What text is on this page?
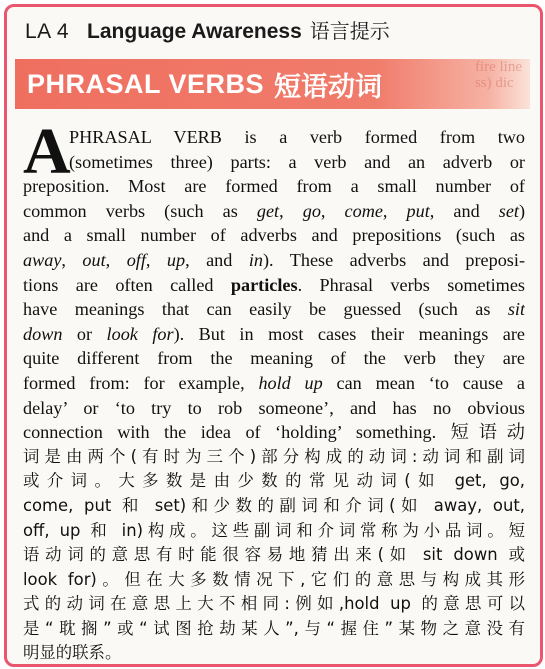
LA 4 Language Awareness 语言提示
PHRASAL VERBS 短语动词
fire line
ss) dic
A
PHRASAL VERB is a verb formed from two
(sometimes three) parts: a verb and an adverb or
preposition. Most are formed from a small number of
common verbs (such as get, go, come, put, and set)
and a small number of adverbs and prepositions (such as
away, out, off, up, and in). These adverbs and preposi-
tions are often called particles. Phrasal verbs sometimes
have meanings that can easily be guessed (such as sit
down or look for). But in most cases their meanings are
quite different from the meaning of the verb they are
formed from: for example, hold up can mean ‘to cause a
delay’ or ‘to try to rob someone’, and has no obvious
connection with the idea of ‘holding’ something. 短语动
词是由两个(有时为三个)部分构成的动词:动词和副词
或介词。大多数是由少数的常见动词(如 get, go,
come, put 和 set)和少数的副词和介词(如 away, out,
off, up 和 in)构成。这些副词和介词常称为小品词。短
语动词的意思有时能很容易地猜出来(如 sit down 或
look for)。但在大多数情况下,它们的意思与构成其形
式的动词在意思上大不相同:例如,hold up 的意思可以
是“耽搁”或“试图抢劫某人”,与“握住”某物之意没有
明显的联系。
